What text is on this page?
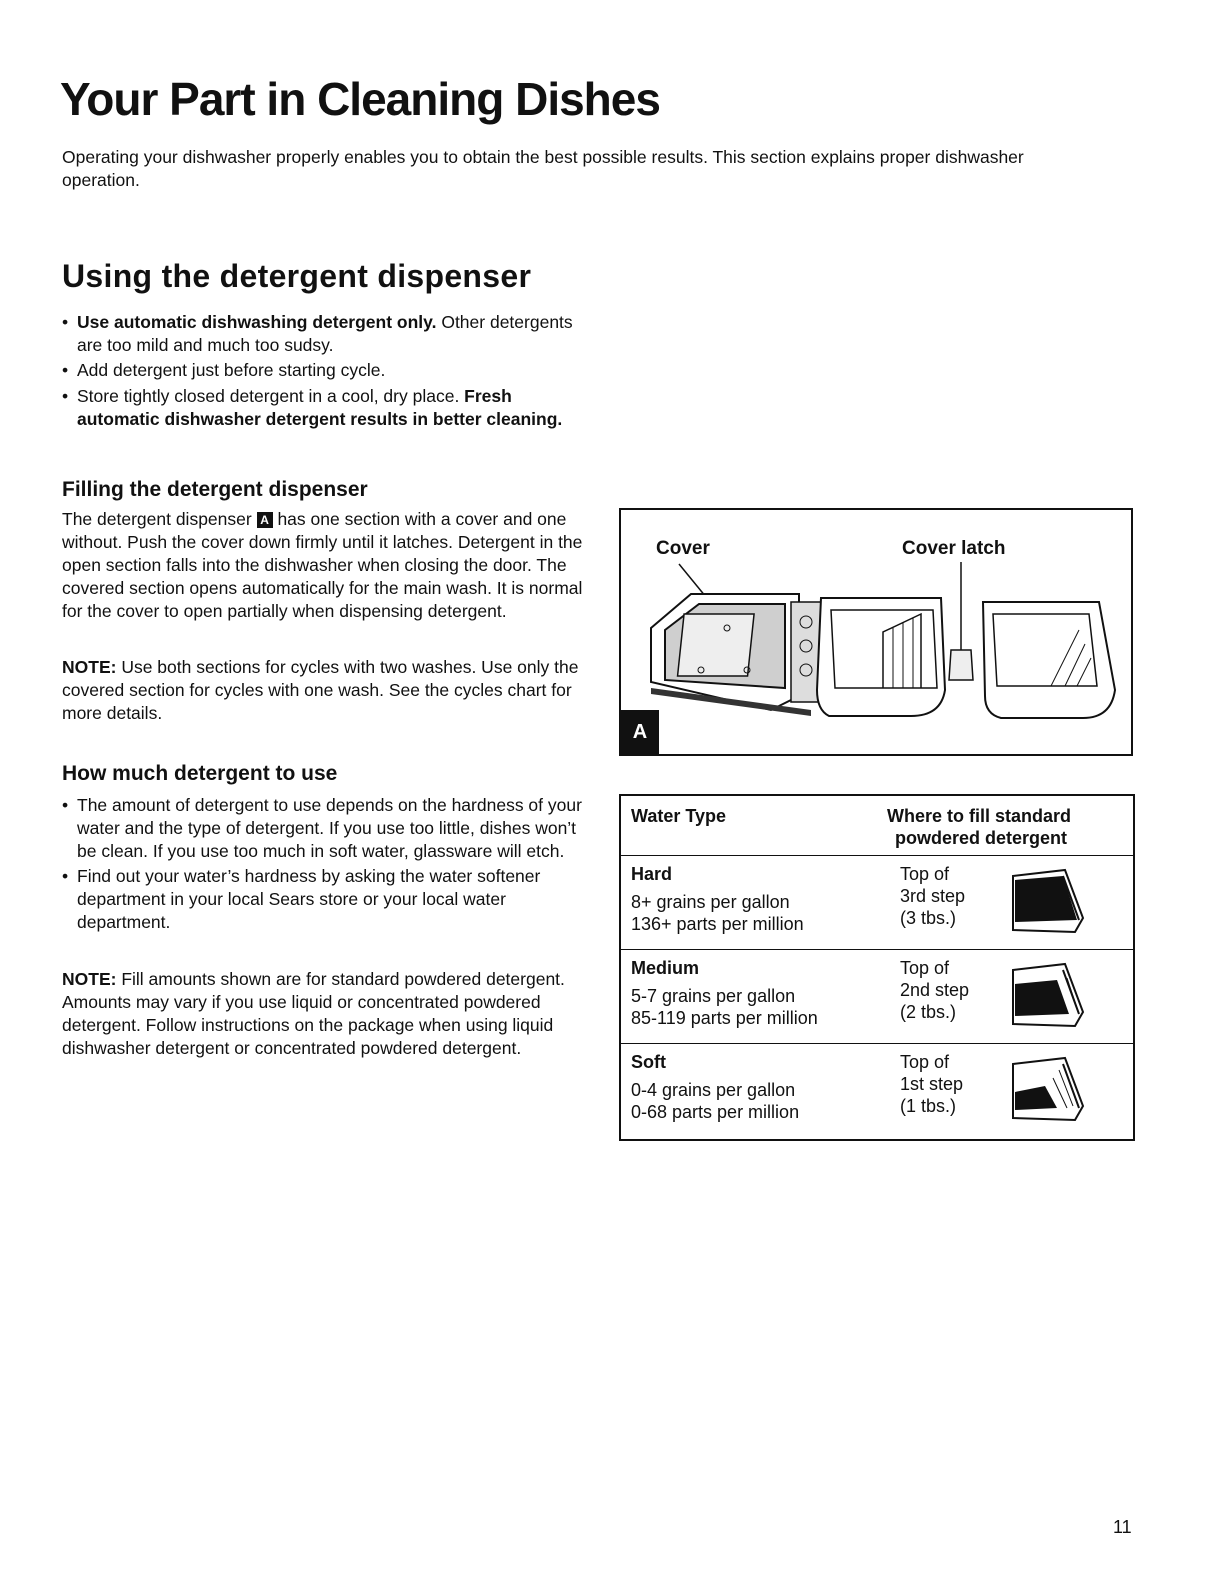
Your Part in Cleaning Dishes

Operating your dishwasher properly enables you to obtain the best possible results. This section explains proper dishwasher operation.

Using the detergent dispenser
• Use automatic dishwashing detergent only. Other detergents are too mild and much too sudsy.
• Add detergent just before starting cycle.
• Store tightly closed detergent in a cool, dry place. Fresh automatic dishwasher detergent results in better cleaning.
Filling the detergent dispenser

The detergent dispenser A has one section with a cover and one without. Push the cover down firmly until it latches. Detergent in the open section falls into the dishwasher when closing the door. The covered section opens automatically for the main wash. It is normal for the cover to open partially when dispensing detergent.

NOTE: Use both sections for cycles with two washes. Use only the covered section for cycles with one wash. See the cycles chart for more details.

How much detergent to use
• The amount of detergent to use depends on the hardness of your water and the type of detergent. If you use too little, dishes won’t be clean. If you use too much in soft water, glassware will etch.
• Find out your water’s hardness by asking the water softener department in your local Sears store or your local water department.

NOTE: Fill amounts shown are for standard powdered detergent. Amounts may vary if you use liquid or concentrated powdered detergent. Follow instructions on the package when using liquid dishwasher detergent or concentrated powdered detergent.

Cover	Cover latch
A
Water Type	Where to fill standard
powdered detergent
Hard
8+ grains per gallon
136+ parts per million
Top of
3rd step
(3 tbs.)
Medium
5-7 grains per gallon
85-119 parts per million
Top of
2nd step
(2 tbs.)
Soft
0-4 grains per gallon
0-68 parts per million
Top of
1st step
(1 tbs.)
11
